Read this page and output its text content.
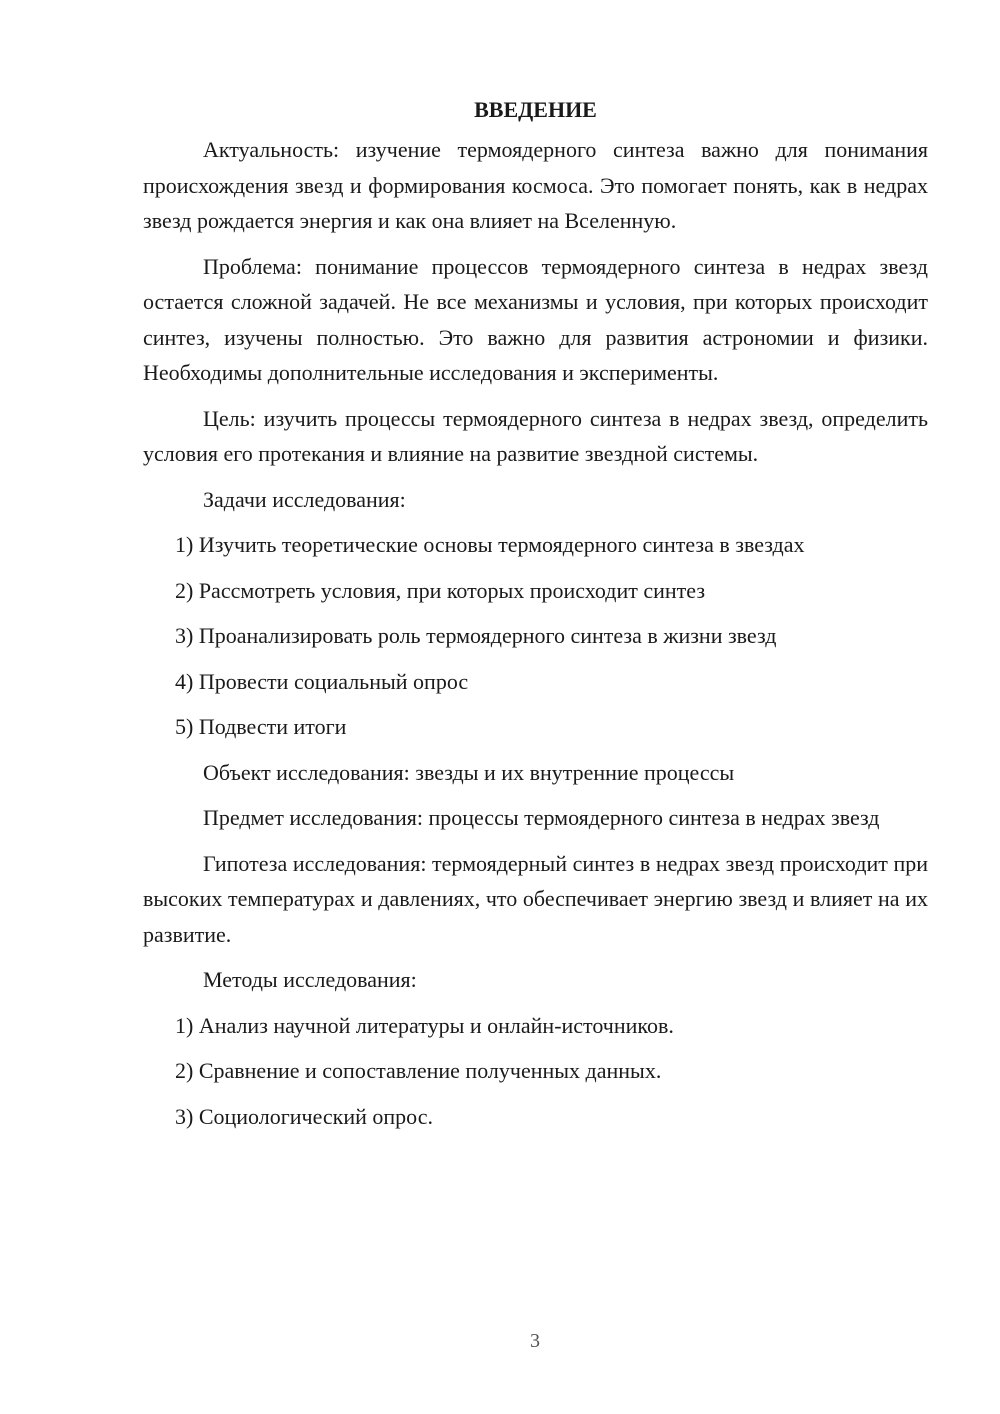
ВВЕДЕНИЕ

Актуальность: изучение термоядерного синтеза важно для понимания происхождения звезд и формирования космоса. Это помогает понять, как в недрах звезд рождается энергия и как она влияет на Вселенную.

Проблема: понимание процессов термоядерного синтеза в недрах звезд остается сложной задачей. Не все механизмы и условия, при которых происходит синтез, изучены полностью. Это важно для развития астрономии и физики. Необходимы дополнительные исследования и эксперименты.

Цель: изучить процессы термоядерного синтеза в недрах звезд, определить условия его протекания и влияние на развитие звездной системы.

Задачи исследования:
1) Изучить теоретические основы термоядерного синтеза в звездах
2) Рассмотреть условия, при которых происходит синтез
3) Проанализировать роль термоядерного синтеза в жизни звезд
4) Провести социальный опрос
5) Подвести итоги
Объект исследования: звезды и их внутренние процессы

Предмет исследования: процессы термоядерного синтеза в недрах звезд

Гипотеза исследования: термоядерный синтез в недрах звезд происходит при высоких температурах и давлениях, что обеспечивает энергию звезд и влияет на их развитие.

Методы исследования:
1) Анализ научной литературы и онлайн-источников.
2) Сравнение и сопоставление полученных данных.
3) Социологический опрос.
3
